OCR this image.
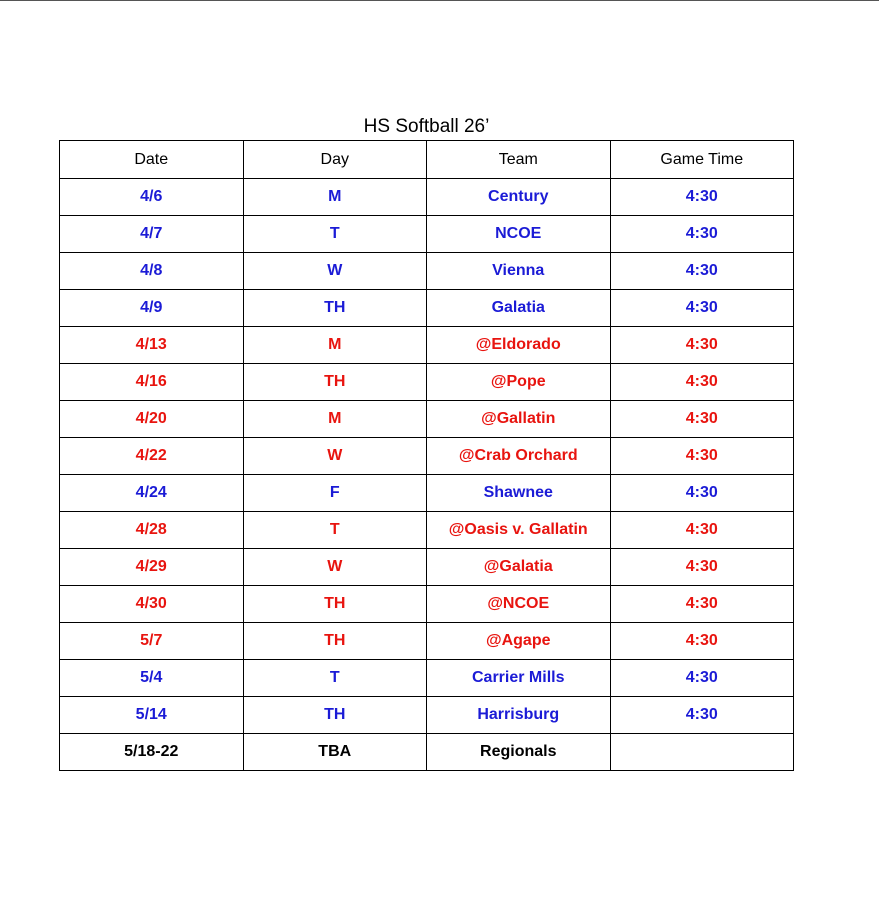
HS Softball 26’
Date	Day	Team	Game Time
4/6	M	Century	4:30
4/7	T	NCOE	4:30
4/8	W	Vienna	4:30
4/9	TH	Galatia	4:30
4/13	M	@Eldorado	4:30
4/16	TH	@Pope	4:30
4/20	M	@Gallatin	4:30
4/22	W	@Crab Orchard	4:30
4/24	F	Shawnee	4:30
4/28	T	@Oasis v. Gallatin	4:30
4/29	W	@Galatia	4:30
4/30	TH	@NCOE	4:30
5/7	TH	@Agape	4:30
5/4	T	Carrier Mills	4:30
5/14	TH	Harrisburg	4:30
5/18-22	TBA	Regionals	
